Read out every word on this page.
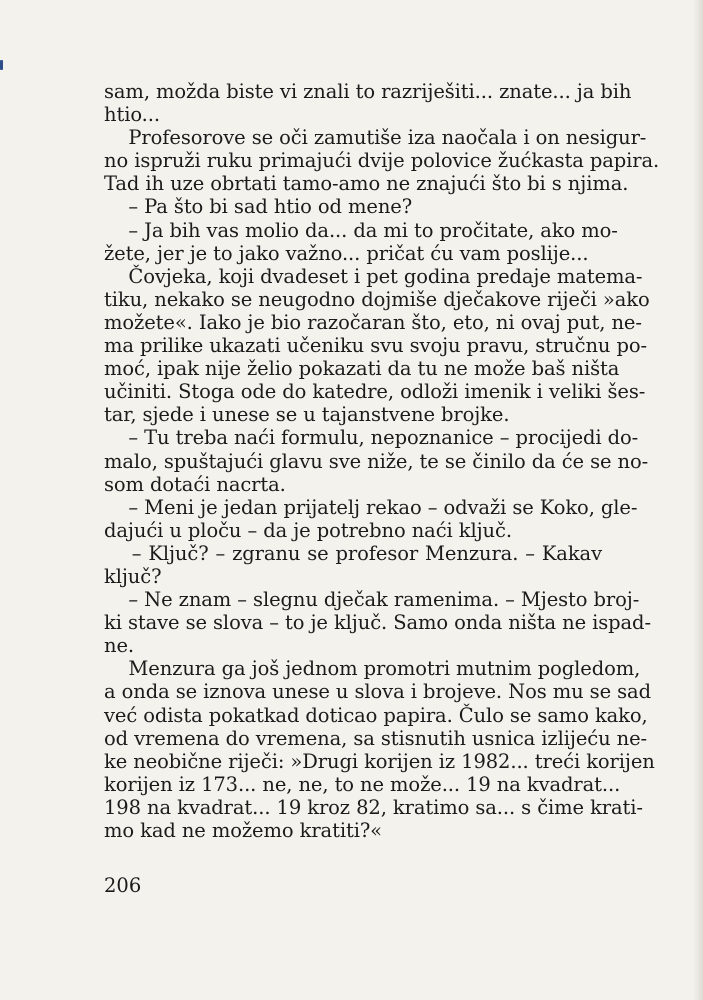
sam, možda biste vi znali to razriješiti... znate... ja bih
htio...
Profesorove se oči zamutiše iza naočala i on nesigur-
no ispruži ruku primajući dvije polovice žućkasta papira.
Tad ih uze obrtati tamo-amo ne znajući što bi s njima.
– Pa što bi sad htio od mene?
– Ja bih vas molio da... da mi to pročitate, ako mo-
žete, jer je to jako važno... pričat ću vam poslije...
Čovjeka, koji dvadeset i pet godina predaje matema-
tiku, nekako se neugodno dojmiše dječakove riječi »ako
možete«. Iako je bio razočaran što, eto, ni ovaj put, ne-
ma prilike ukazati učeniku svu svoju pravu, stručnu po-
moć, ipak nije želio pokazati da tu ne može baš ništa
učiniti. Stoga ode do katedre, odloži imenik i veliki šes-
tar, sjede i unese se u tajanstvene brojke.
– Tu treba naći formulu, nepoznanice – procijedi do-
malo, spuštajući glavu sve niže, te se činilo da će se no-
som dotaći nacrta.
– Meni je jedan prijatelj rekao – odvaži se Koko, gle-
dajući u ploču – da je potrebno naći ključ.
– Ključ? – zgranu se profesor Menzura. – Kakav
ključ?
– Ne znam – slegnu dječak ramenima. – Mjesto broj-
ki stave se slova – to je ključ. Samo onda ništa ne ispad-
ne.
Menzura ga još jednom promotri mutnim pogledom,
a onda se iznova unese u slova i brojeve. Nos mu se sad
već odista pokatkad doticao papira. Čulo se samo kako,
od vremena do vremena, sa stisnutih usnica izlijeću ne-
ke neobične riječi: »Drugi korijen iz 1982... treći korijen
korijen iz 173... ne, ne, to ne može... 19 na kvadrat...
198 na kvadrat... 19 kroz 82, kratimo sa... s čime krati-
mo kad ne možemo kratiti?«
206
